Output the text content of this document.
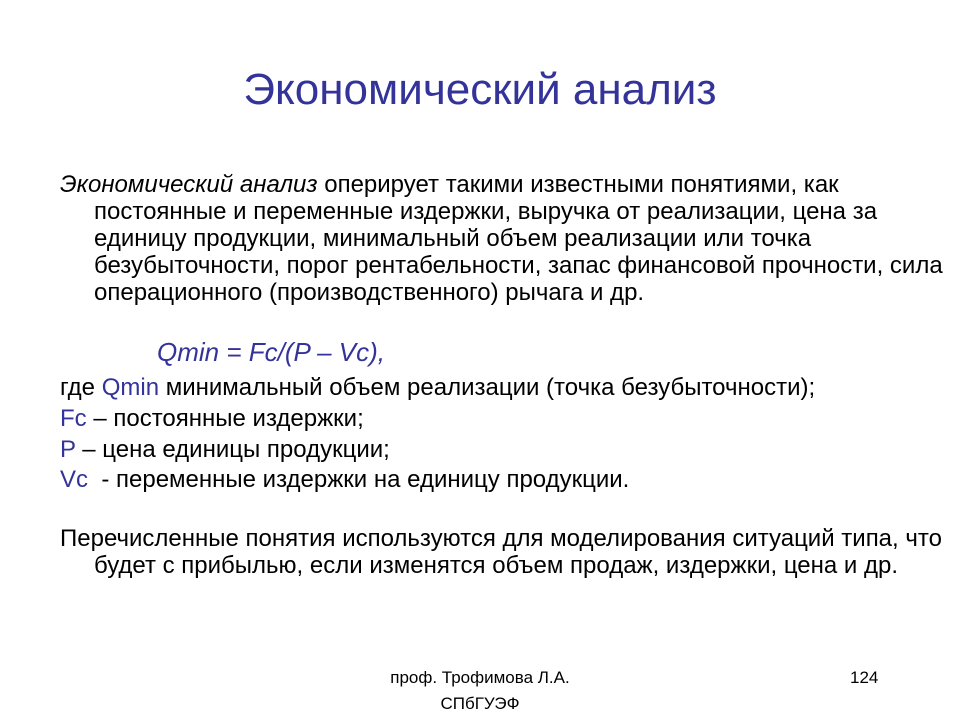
Экономический анализ
Экономический анализ оперирует такими известными понятиями, как постоянные и переменные издержки, выручка от реализации, цена за единицу продукции, минимальный объем реализации или точка безубыточности, порог рентабельности, запас финансовой прочности, сила операционного (производственного) рычага и др.
Qmin = Fc/(P – Vc),
где Qmin минимальный объем реализации (точка безубыточности);
Fc – постоянные издержки;
P – цена единицы продукции;
Vc  - переменные издержки на единицу продукции.
Перечисленные понятия используются для моделирования ситуаций типа, что будет с прибылью, если изменятся объем продаж, издержки, цена и др.
проф. Трофимова Л.А.
СПбГУЭФ
124
